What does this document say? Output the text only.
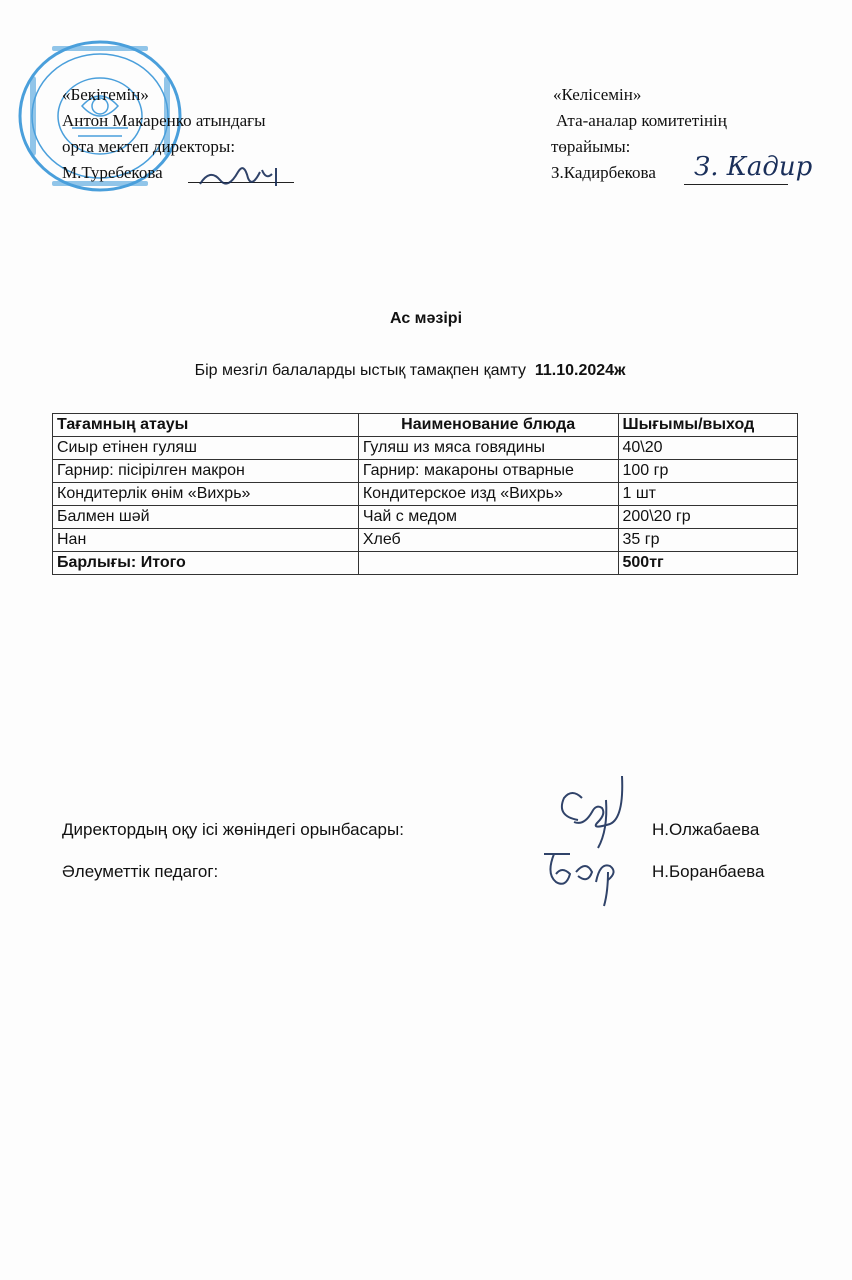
«Бекітемін»
Антон Макаренко атындағы
орта мектеп директоры:
М.Туребекова
«Келісемін»
Ата-аналар комитетінің
төрайымы:
З.Кадирбекова З. Кадир
Ас мәзірі
Бір мезгіл балаларды ыстық тамақпен қамту 11.10.2024ж
Тағамның атауы	Наименование блюда	Шығымы/выход
Сиыр етінен гуляш	Гуляш из мяса говядины	40\20
Гарнир: пісірілген макрон	Гарнир: макароны отварные	100 гр
Кондитерлік өнім «Вихрь»	Кондитерское изд «Вихрь»	1 шт
Балмен шәй	Чай с медом	200\20 гр
Нан	Хлеб	35 гр
Барлығы: Итого		500тг
Директордың оқу ісі жөніндегі орынбасары:	Н.Олжабаева
Әлеуметтік педагог:	Н.Боранбаева
